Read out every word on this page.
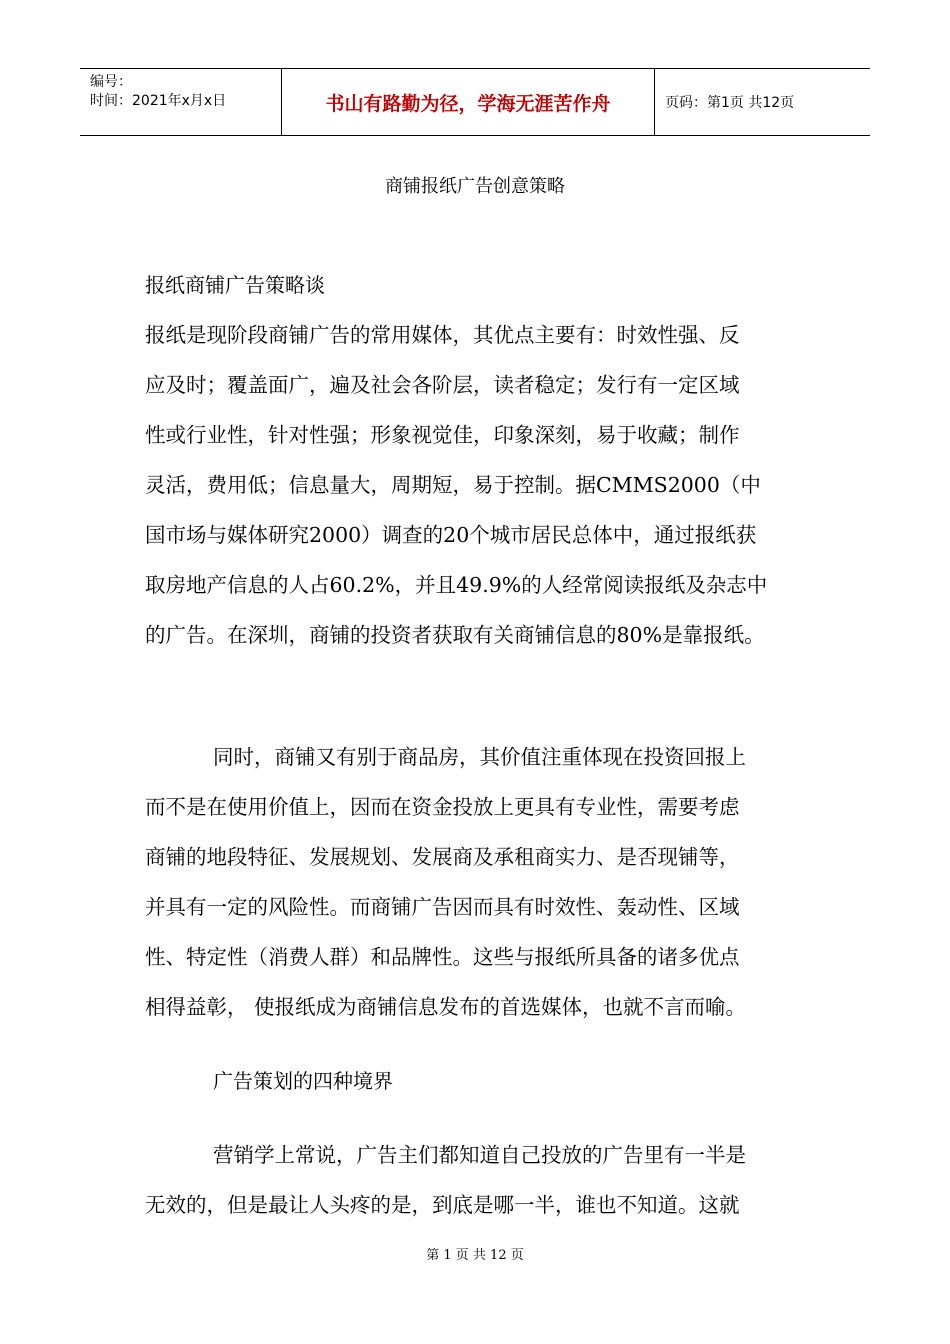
编号：
时间：2021年x月x日	书山有路勤为径，学海无涯苦作舟	页码：第1页 共12页
商铺报纸广告创意策略
报纸商铺广告策略谈
报纸是现阶段商铺广告的常用媒体，其优点主要有：时效性强、反
应及时；覆盖面广，遍及社会各阶层，读者稳定；发行有一定区域
性或行业性，针对性强；形象视觉佳，印象深刻，易于收藏；制作
灵活，费用低；信息量大，周期短，易于控制。据CMMS2000（中
国市场与媒体研究2000）调查的20个城市居民总体中，通过报纸获
取房地产信息的人占60.2%，并且49.9%的人经常阅读报纸及杂志中
的广告。在深圳，商铺的投资者获取有关商铺信息的80%是靠报纸。
同时，商铺又有别于商品房，其价值注重体现在投资回报上
而不是在使用价值上，因而在资金投放上更具有专业性，需要考虑
商铺的地段特征、发展规划、发展商及承租商实力、是否现铺等，
并具有一定的风险性。而商铺广告因而具有时效性、轰动性、区域
性、特定性（消费人群）和品牌性。这些与报纸所具备的诸多优点
相得益彰， 使报纸成为商铺信息发布的首选媒体，也就不言而喻。
广告策划的四种境界
营销学上常说，广告主们都知道自己投放的广告里有一半是
无效的，但是最让人头疼的是，到底是哪一半，谁也不知道。这就
第 1 页 共 12 页
